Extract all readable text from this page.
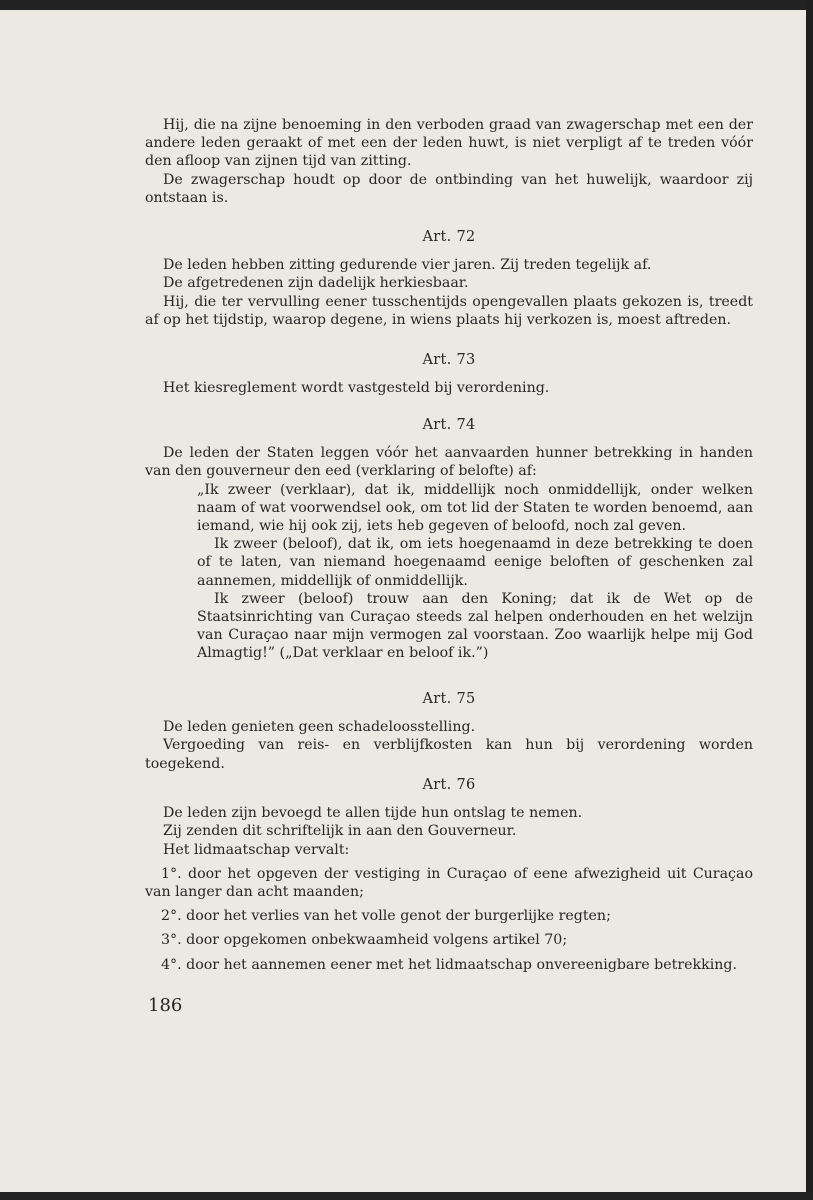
Hij, die na zijne benoeming in den verboden graad van zwagerschap met een der andere leden geraakt of met een der leden huwt, is niet verpligt af te treden vóór den afloop van zijnen tijd van zitting.

De zwagerschap houdt op door de ontbinding van het huwelijk, waardoor zij ontstaan is.

Art. 72

De leden hebben zitting gedurende vier jaren. Zij treden tegelijk af.

De afgetredenen zijn dadelijk herkiesbaar.

Hij, die ter vervulling eener tusschentijds opengevallen plaats gekozen is, treedt af op het tijdstip, waarop degene, in wiens plaats hij verkozen is, moest aftreden.

Art. 73

Het kiesreglement wordt vastgesteld bij verordening.

Art. 74

De leden der Staten leggen vóór het aanvaarden hunner betrekking in handen van den gouverneur den eed (verklaring of belofte) af:

„Ik zweer (verklaar), dat ik, middellijk noch onmiddellijk, onder welken naam of wat voorwendsel ook, om tot lid der Staten te worden benoemd, aan iemand, wie hij ook zij, iets heb gegeven of beloofd, noch zal geven.

Ik zweer (beloof), dat ik, om iets hoegenaamd in deze betrekking te doen of te laten, van niemand hoegenaamd eenige beloften of geschenken zal aannemen, middellijk of onmiddellijk.

Ik zweer (beloof) trouw aan den Koning; dat ik de Wet op de Staatsinrichting van Curaçao steeds zal helpen onderhouden en het welzijn van Curaçao naar mijn vermogen zal voorstaan. Zoo waarlijk helpe mij God Almagtig!” („Dat verklaar en beloof ik.”)

Art. 75

De leden genieten geen schadeloosstelling.

Vergoeding van reis- en verblijfkosten kan hun bij verordening worden toegekend.

Art. 76

De leden zijn bevoegd te allen tijde hun ontslag te nemen.

Zij zenden dit schriftelijk in aan den Gouverneur.

Het lidmaatschap vervalt:

1°. door het opgeven der vestiging in Curaçao of eene afwezigheid uit Curaçao van langer dan acht maanden;

2°. door het verlies van het volle genot der burgerlijke regten;

3°. door opgekomen onbekwaamheid volgens artikel 70;

4°. door het aannemen eener met het lidmaatschap onvereenigbare betrekking.

186
